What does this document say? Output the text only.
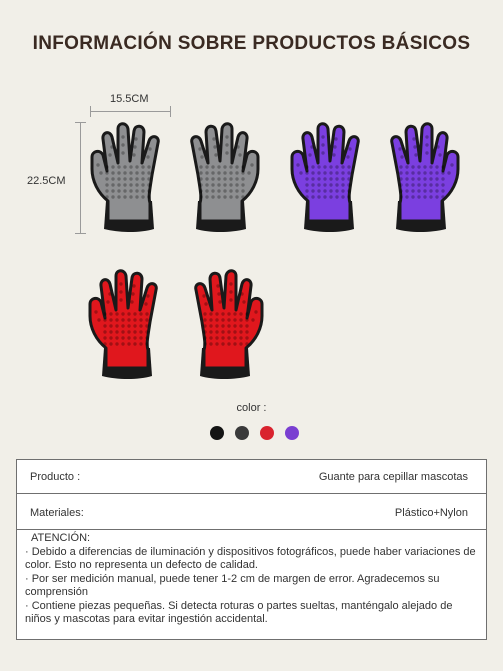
INFORMACIÓN SOBRE PRODUCTOS BÁSICOS
15.5CM
22.5CM
color :
Producto :	Guante para cepillar mascotas
Materiales:	Plástico+Nylon
ATENCIÓN:
· Debido a diferencias de iluminación y dispositivos fotográficos, puede haber variaciones de color. Esto no representa un defecto de calidad.
· Por ser medición manual, puede tener 1-2 cm de margen de error. Agradecemos su comprensión
· Contiene piezas pequeñas. Si detecta roturas o partes sueltas, manténgalo alejado de niños y mascotas para evitar ingestión accidental.
